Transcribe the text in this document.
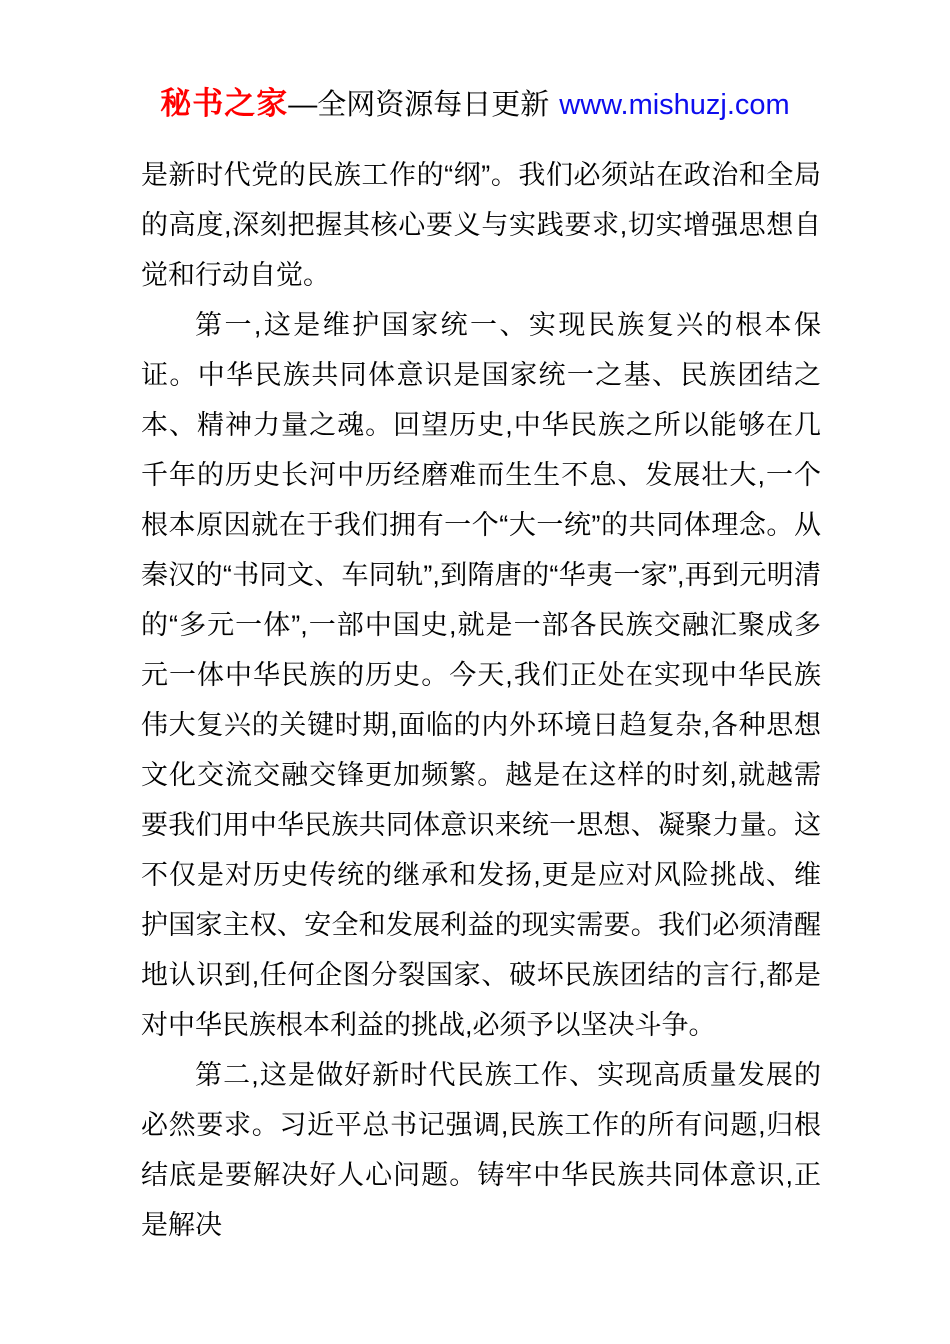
秘书之家—全网资源每日更新 www.mishuzj.com

是新时代党的民族工作的“纲”。我们必须站在政治和全局的高度,深刻把握其核心要义与实践要求,切实增强思想自觉和行动自觉。

第一,这是维护国家统一、实现民族复兴的根本保证。中华民族共同体意识是国家统一之基、民族团结之本、精神力量之魂。回望历史,中华民族之所以能够在几千年的历史长河中历经磨难而生生不息、发展壮大,一个根本原因就在于我们拥有一个“大一统”的共同体理念。从秦汉的“书同文、车同轨”,到隋唐的“华夷一家”,再到元明清的“多元一体”,一部中国史,就是一部各民族交融汇聚成多元一体中华民族的历史。今天,我们正处在实现中华民族伟大复兴的关键时期,面临的内外环境日趋复杂,各种思想文化交流交融交锋更加频繁。越是在这样的时刻,就越需要我们用中华民族共同体意识来统一思想、凝聚力量。这不仅是对历史传统的继承和发扬,更是应对风险挑战、维护国家主权、安全和发展利益的现实需要。我们必须清醒地认识到,任何企图分裂国家、破坏民族团结的言行,都是对中华民族根本利益的挑战,必须予以坚决斗争。

第二,这是做好新时代民族工作、实现高质量发展的必然要求。习近平总书记强调,民族工作的所有问题,归根结底是要解决好人心问题。铸牢中华民族共同体意识,正是解决
